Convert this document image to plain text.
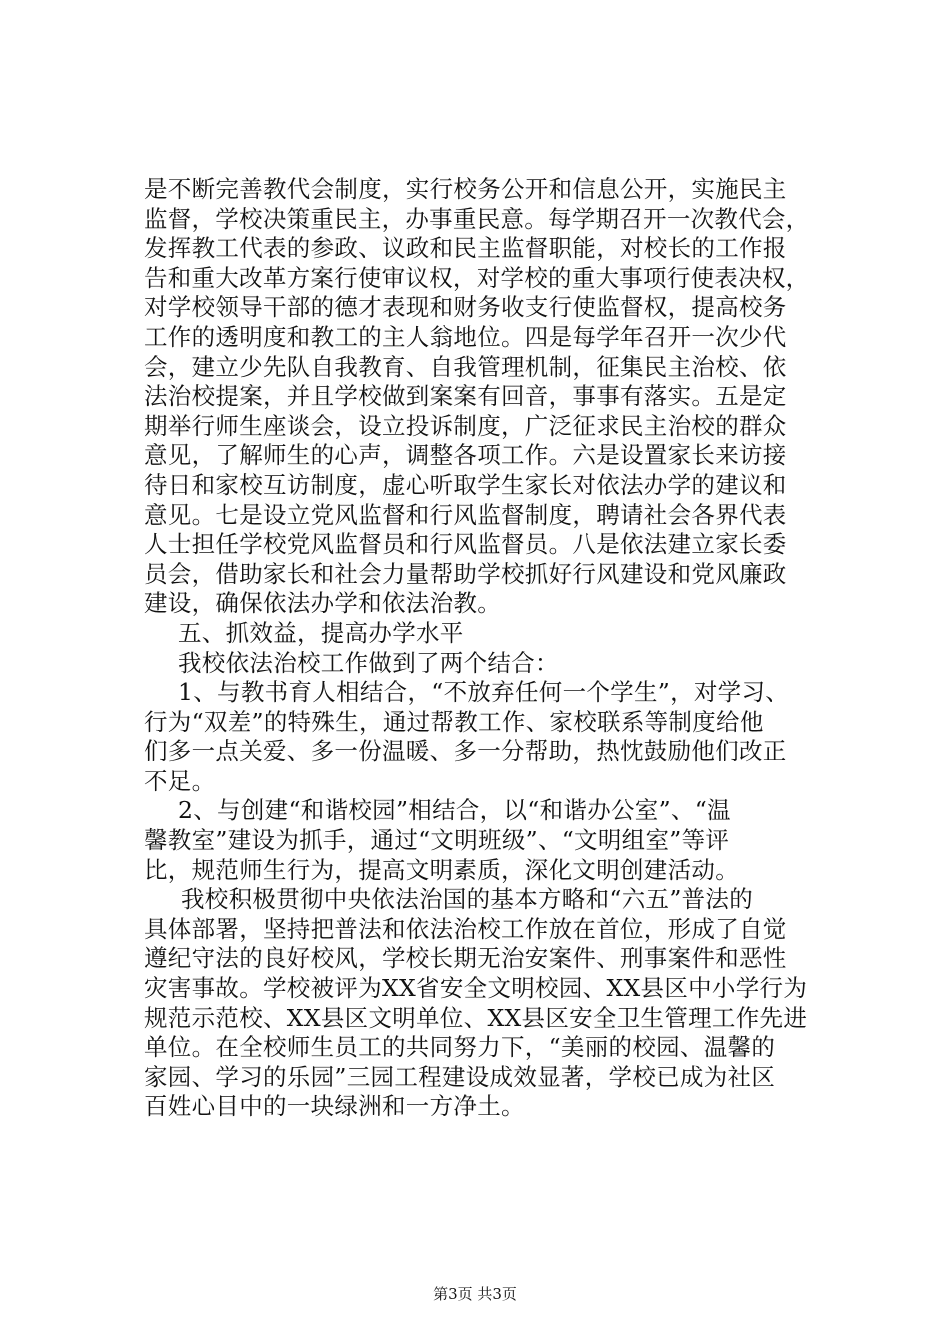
是不断完善教代会制度，实行校务公开和信息公开，实施民主
监督，学校决策重民主，办事重民意。每学期召开一次教代会，
发挥教工代表的参政、议政和民主监督职能，对校长的工作报
告和重大改革方案行使审议权，对学校的重大事项行使表决权，
对学校领导干部的德才表现和财务收支行使监督权，提高校务
工作的透明度和教工的主人翁地位。四是每学年召开一次少代
会，建立少先队自我教育、自我管理机制，征集民主治校、依
法治校提案，并且学校做到案案有回音，事事有落实。五是定
期举行师生座谈会，设立投诉制度，广泛征求民主治校的群众
意见，了解师生的心声，调整各项工作。六是设置家长来访接
待日和家校互访制度，虚心听取学生家长对依法办学的建议和
意见。七是设立党风监督和行风监督制度，聘请社会各界代表
人士担任学校党风监督员和行风监督员。八是依法建立家长委
员会，借助家长和社会力量帮助学校抓好行风建设和党风廉政
建设，确保依法办学和依法治教。
五、抓效益，提高办学水平
我校依法治校工作做到了两个结合：
1、与教书育人相结合，“不放弃任何一个学生”，对学习、
行为“双差”的特殊生，通过帮教工作、家校联系等制度给他
们多一点关爱、多一份温暖、多一分帮助，热忱鼓励他们改正
不足。
2、与创建“和谐校园”相结合，以“和谐办公室”、“温
馨教室”建设为抓手，通过“文明班级”、“文明组室”等评
比，规范师生行为，提高文明素质，深化文明创建活动。
我校积极贯彻中央依法治国的基本方略和“六五”普法的
具体部署，坚持把普法和依法治校工作放在首位，形成了自觉
遵纪守法的良好校风，学校长期无治安案件、刑事案件和恶性
灾害事故。学校被评为XX省安全文明校园、XX县区中小学行为
规范示范校、XX县区文明单位、XX县区安全卫生管理工作先进
单位。在全校师生员工的共同努力下，“美丽的校园、温馨的
家园、学习的乐园”三园工程建设成效显著，学校已成为社区
百姓心目中的一块绿洲和一方净土。
第3页 共3页
